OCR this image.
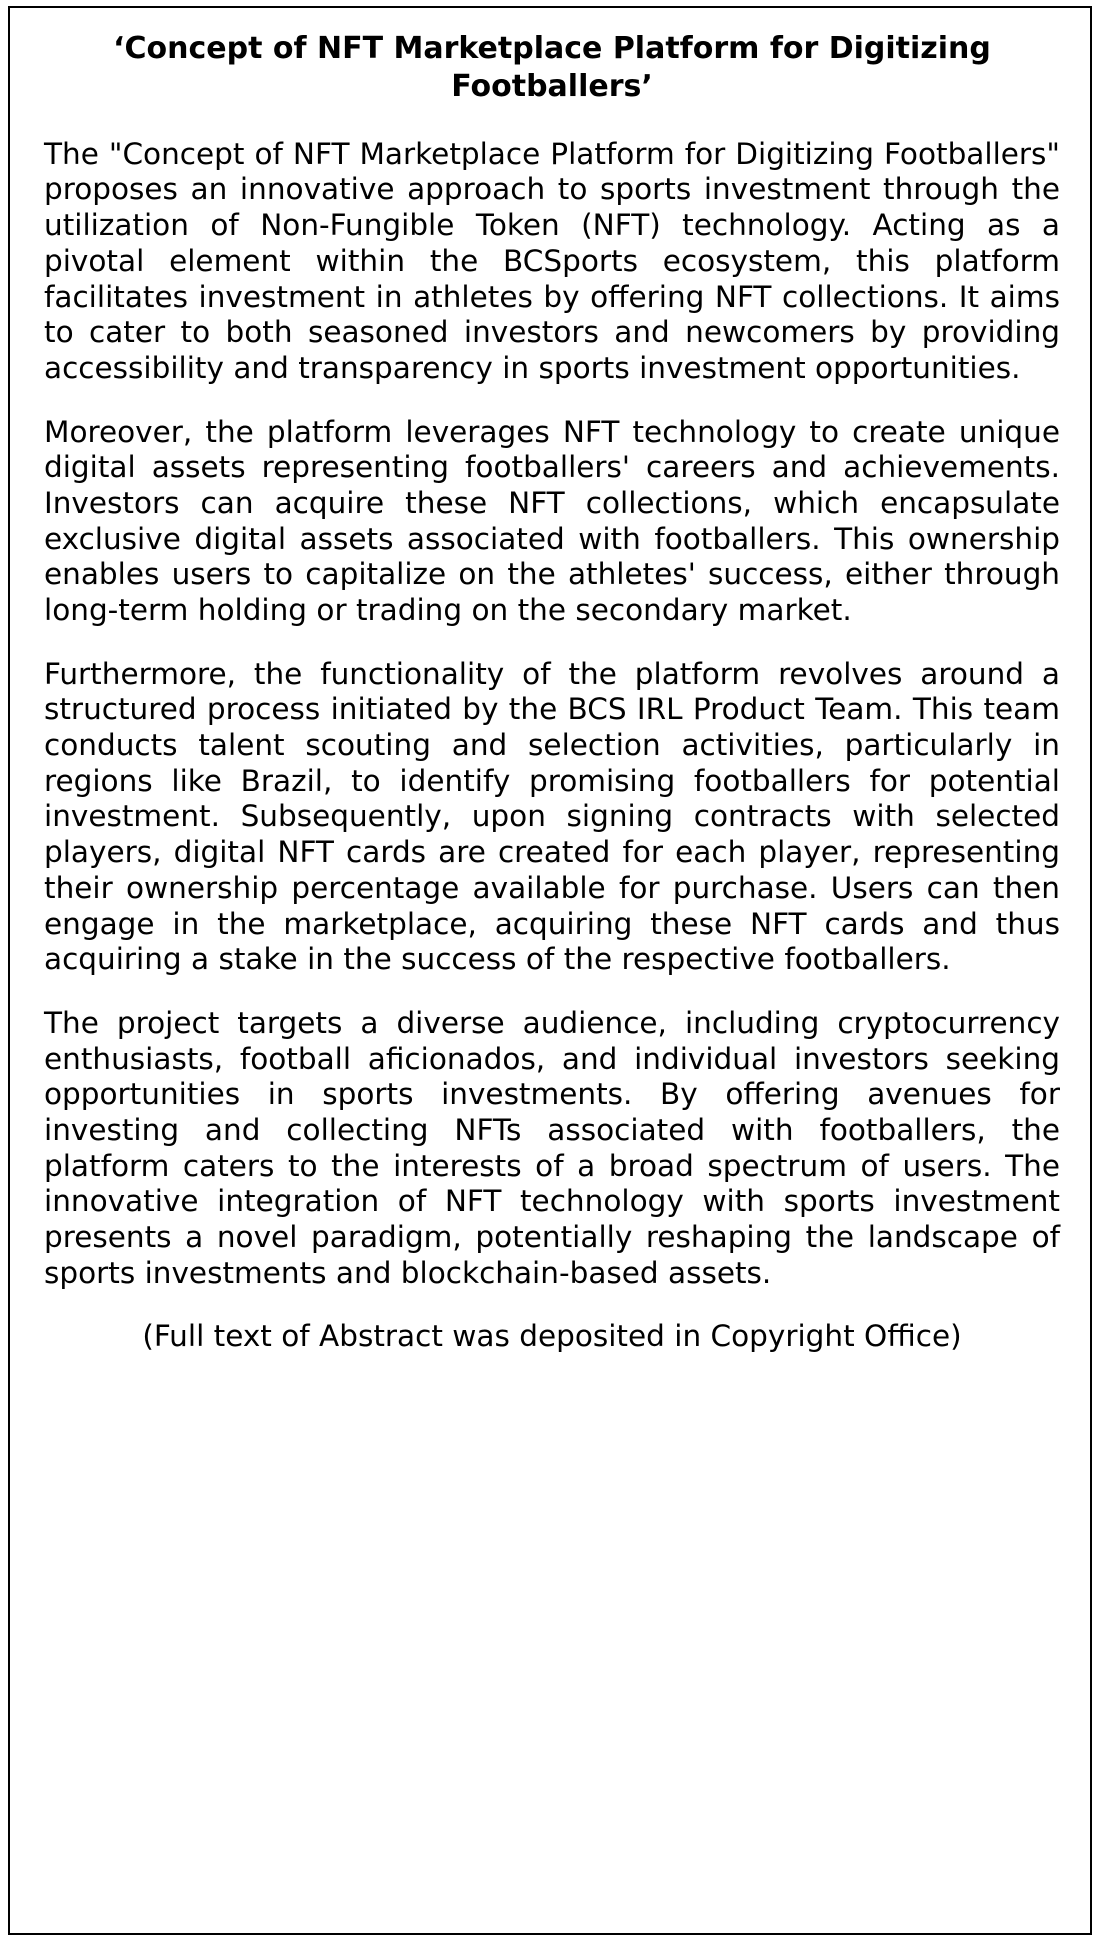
‘Concept of NFT Marketplace Platform for Digitizing Footballers’

The "Concept of NFT Marketplace Platform for Digitizing Footballers" proposes an innovative approach to sports investment through the utilization of Non-Fungible Token (NFT) technology. Acting as a pivotal element within the BCSports ecosystem, this platform facilitates investment in athletes by offering NFT collections. It aims to cater to both seasoned investors and newcomers by providing accessibility and transparency in sports investment opportunities.

Moreover, the platform leverages NFT technology to create unique digital assets representing footballers' careers and achievements. Investors can acquire these NFT collections, which encapsulate exclusive digital assets associated with footballers. This ownership enables users to capitalize on the athletes' success, either through long-term holding or trading on the secondary market.

Furthermore, the functionality of the platform revolves around a structured process initiated by the BCS IRL Product Team. This team conducts talent scouting and selection activities, particularly in regions like Brazil, to identify promising footballers for potential investment. Subsequently, upon signing contracts with selected players, digital NFT cards are created for each player, representing their ownership percentage available for purchase. Users can then engage in the marketplace, acquiring these NFT cards and thus acquiring a stake in the success of the respective footballers.

The project targets a diverse audience, including cryptocurrency enthusiasts, football aficionados, and individual investors seeking opportunities in sports investments. By offering avenues for investing and collecting NFTs associated with footballers, the platform caters to the interests of a broad spectrum of users. The innovative integration of NFT technology with sports investment presents a novel paradigm, potentially reshaping the landscape of sports investments and blockchain-based assets.

(Full text of Abstract was deposited in Copyright Office)
